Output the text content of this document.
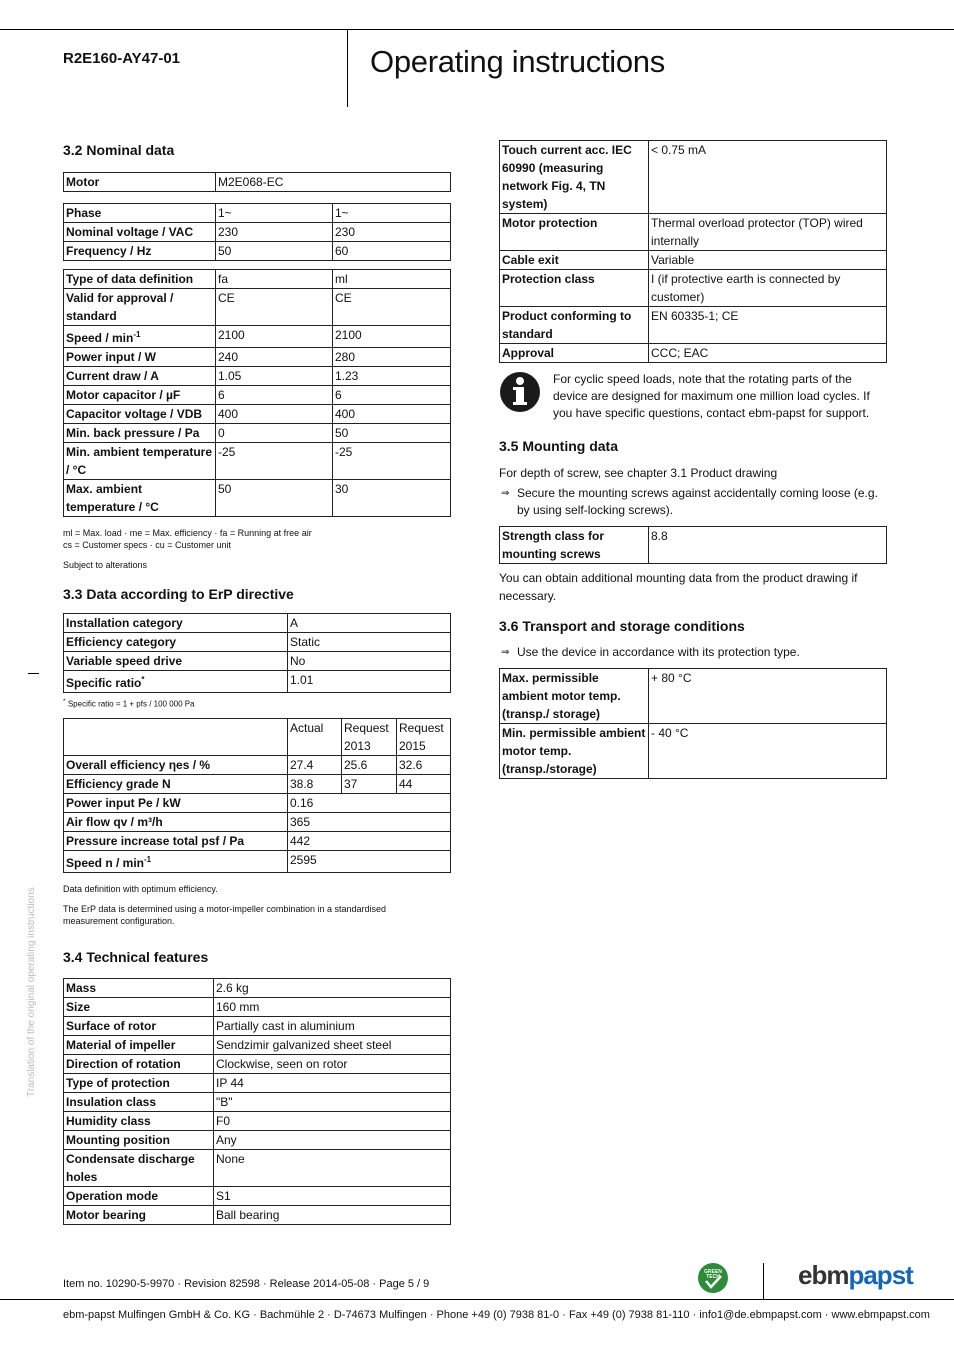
R2E160-AY47-01	Operating instructions
Translation of the original operating instructions
3.2 Nominal data
Motor	M2E068-EC
Phase	1~	1~
Nominal voltage / VAC	230	230
Frequency / Hz	50	60
Type of data definition	fa	ml
Valid for approval / standard	CE	CE
Speed / $\min^{-1}$	2100	2100
Power input / W	240	280
Current draw / A	1.05	1.23
Motor capacitor / µF	6	6
Capacitor voltage / VDB	400	400
Min. back pressure / Pa	0	50
Min. ambient temperature / °C	-25	-25
Max. ambient temperature / °C	50	30
ml = Max. load · me = Max. efficiency · fa = Running at free air
cs = Customer specs · cu = Customer unit
Subject to alterations
3.3 Data according to ErP directive
Installation category	A
Efficiency category	Static
Variable speed drive	No
Specific ratio*	1.01
* Specific ratio = 1 + pfs / 100 000 Pa
	Actual	Request 2013	Request 2015
Overall efficiency ηes / %	27.4	25.6	32.6
Efficiency grade N	38.8	37	44
Power input Pe / kW	0.16		
Air flow qv / m³/h	365		
Pressure increase total psf / Pa	442		
Speed n / $\min^{-1}$	2595		
Data definition with optimum efficiency.
The ErP data is determined using a motor-impeller combination in a standardised measurement configuration.
3.4 Technical features
Mass	2.6 kg
Size	160 mm
Surface of rotor	Partially cast in aluminium
Material of impeller	Sendzimir galvanized sheet steel
Direction of rotation	Clockwise, seen on rotor
Type of protection	IP 44
Insulation class	"B"
Humidity class	F0
Mounting position	Any
Condensate discharge holes	None
Operation mode	S1
Motor bearing	Ball bearing
Touch current acc. IEC 60990 (measuring network Fig. 4, TN system)	< 0.75 mA
Motor protection	Thermal overload protector (TOP) wired internally
Cable exit	Variable
Protection class	I (if protective earth is connected by customer)
Product conforming to standard	EN 60335-1; CE
Approval	CCC; EAC
For cyclic speed loads, note that the rotating parts of the device are designed for maximum one million load cycles. If you have specific questions, contact ebm-papst for support.
3.5 Mounting data
For depth of screw, see chapter 3.1 Product drawing
⇒ Secure the mounting screws against accidentally coming loose (e.g. by using self-locking screws).
Strength class for mounting screws	8.8
You can obtain additional mounting data from the product drawing if necessary.
3.6 Transport and storage conditions
⇒ Use the device in accordance with its protection type.
Max. permissible ambient motor temp. (transp./ storage)	+ 80 °C
Min. permissible ambient motor temp. (transp./storage)	- 40 °C
Item no. 10290-5-9970 · Revision 82598 · Release 2014-05-08 · Page 5 / 9
GREEN
TECH	ebmpapst
ebm-papst Mulfingen GmbH & Co. KG · Bachmühle 2 · D-74673 Mulfingen · Phone +49 (0) 7938 81-0 · Fax +49 (0) 7938 81-110 · info1@de.ebmpapst.com · www.ebmpapst.com
